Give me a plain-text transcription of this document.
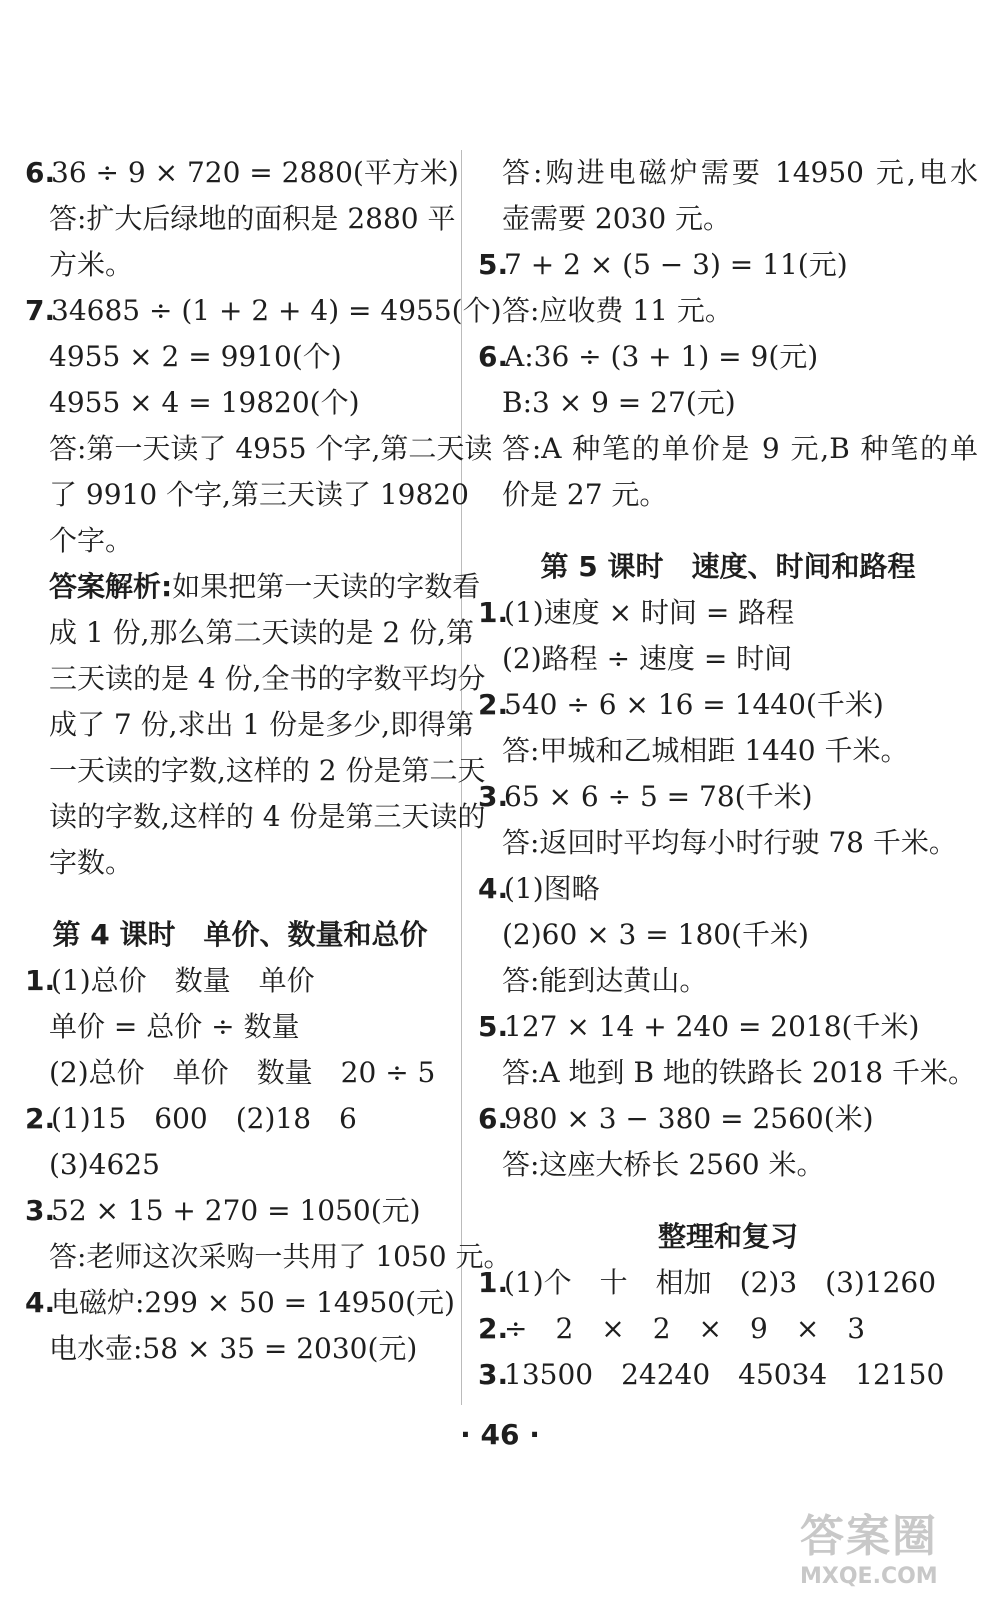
6.36 ÷ 9 × 720 = 2880(平方米)
答:扩大后绿地的面积是 2880 平
方米。
7.34685 ÷ (1 + 2 + 4) = 4955(个)
4955 × 2 = 9910(个)
4955 × 4 = 19820(个)
答:第一天读了 4955 个字,第二天读
了 9910 个字,第三天读了 19820
个字。
答案解析:如果把第一天读的字数看
成 1 份,那么第二天读的是 2 份,第
三天读的是 4 份,全书的字数平均分
成了 7 份,求出 1 份是多少,即得第
一天读的字数,这样的 2 份是第二天
读的字数,这样的 4 份是第三天读的
字数。
第 4 课时　单价、数量和总价
1.(1)总价　数量　单价
单价 = 总价 ÷ 数量
(2)总价　单价　数量　20 ÷ 5
2.(1)15　600　(2)18　6
(3)4625
3.52 × 15 + 270 = 1050(元)
答:老师这次采购一共用了 1050 元。
4.电磁炉:299 × 50 = 14950(元)
电水壶:58 × 35 = 2030(元)
答:购进电磁炉需要 14950 元,电水
壶需要 2030 元。
5.7 + 2 × (5 − 3) = 11(元)
答:应收费 11 元。
6.A:36 ÷ (3 + 1) = 9(元)
B:3 × 9 = 27(元)
答:A 种笔的单价是 9 元,B 种笔的单
价是 27 元。
第 5 课时　速度、时间和路程
1.(1)速度 × 时间 = 路程
(2)路程 ÷ 速度 = 时间
2.540 ÷ 6 × 16 = 1440(千米)
答:甲城和乙城相距 1440 千米。
3.65 × 6 ÷ 5 = 78(千米)
答:返回时平均每小时行驶 78 千米。
4.(1)图略
(2)60 × 3 = 180(千米)
答:能到达黄山。
5.127 × 14 + 240 = 2018(千米)
答:A 地到 B 地的铁路长 2018 千米。
6.980 × 3 − 380 = 2560(米)
答:这座大桥长 2560 米。
整理和复习
1.(1)个　十　相加　(2)3　(3)1260
2.÷　2　×　2　×　9　×　3
3.13500　24240　45034　12150
· 46 ·
答案圈
MXQE.COM
